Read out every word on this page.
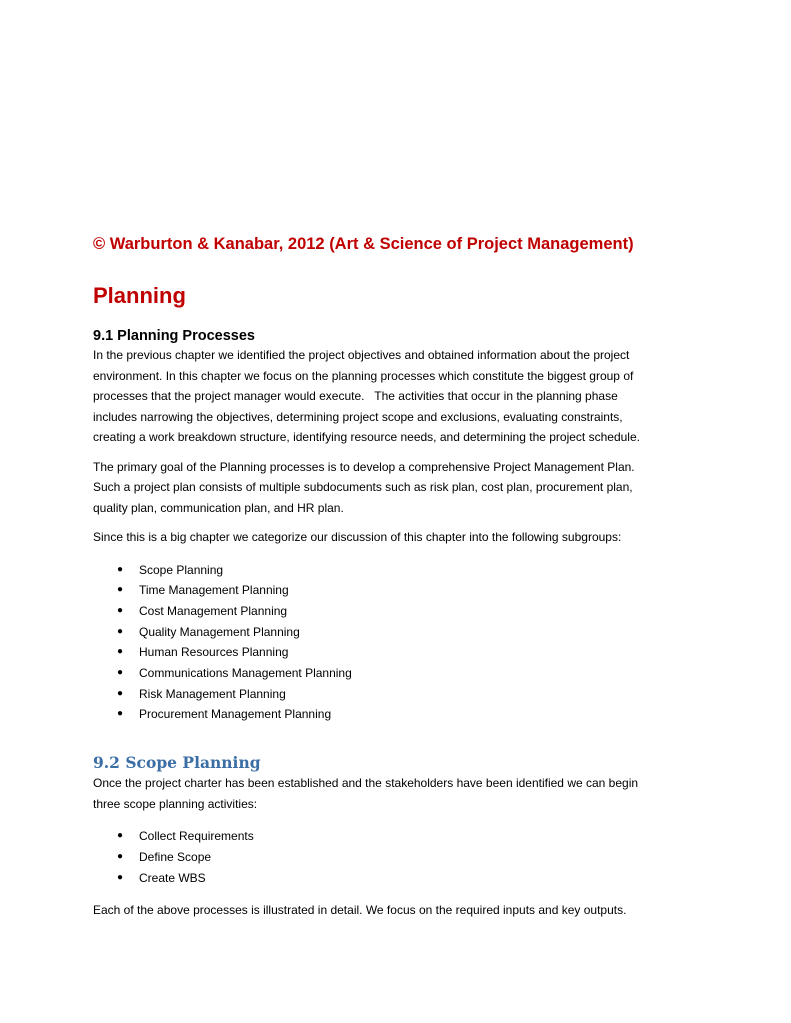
© Warburton & Kanabar, 2012 (Art & Science of Project Management)

Planning
9.1 Planning Processes

In the previous chapter we identified the project objectives and obtained information about the project
environment. In this chapter we focus on the planning processes which constitute the biggest group of
processes that the project manager would execute.   The activities that occur in the planning phase
includes narrowing the objectives, determining project scope and exclusions, evaluating constraints,
creating a work breakdown structure, identifying resource needs, and determining the project schedule.

The primary goal of the Planning processes is to develop a comprehensive Project Management Plan.
Such a project plan consists of multiple subdocuments such as risk plan, cost plan, procurement plan,
quality plan, communication plan, and HR plan.

Since this is a big chapter we categorize our discussion of this chapter into the following subgroups:

● Scope Planning
● Time Management Planning
● Cost Management Planning
● Quality Management Planning
● Human Resources Planning
● Communications Management Planning
● Risk Management Planning
● Procurement Management Planning
9.2 Scope Planning

Once the project charter has been established and the stakeholders have been identified we can begin
three scope planning activities:

● Collect Requirements
● Define Scope
● Create WBS

Each of the above processes is illustrated in detail. We focus on the required inputs and key outputs.
